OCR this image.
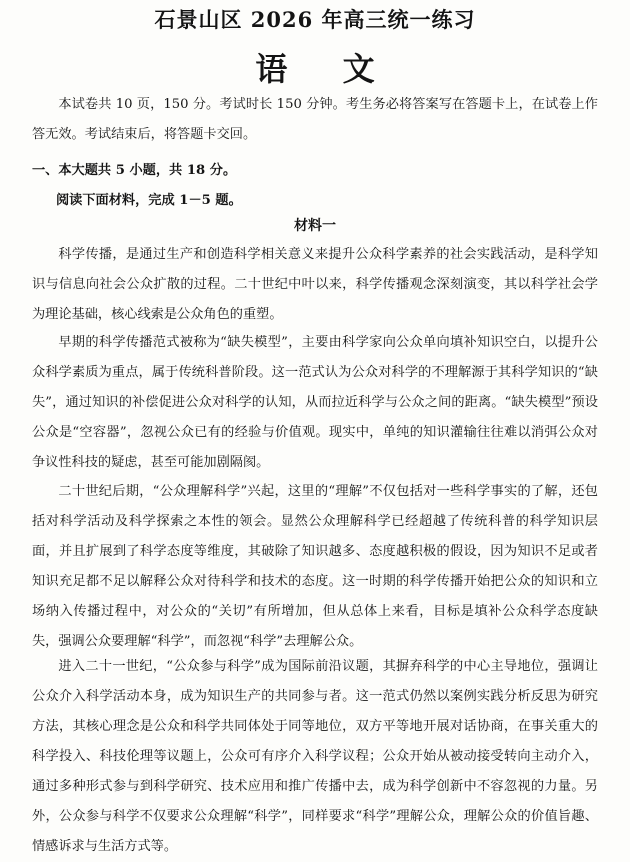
石景山区 2026 年高三统一练习
语 文

本试卷共 10 页，150 分。考试时长 150 分钟。考生务必将答案写在答题卡上，在试卷上作答无效。考试结束后，将答题卡交回。

一、本大题共 5 小题，共 18 分。

阅读下面材料，完成 1－5 题。

材料一

科学传播，是通过生产和创造科学相关意义来提升公众科学素养的社会实践活动，是科学知识与信息向社会公众扩散的过程。二十世纪中叶以来，科学传播观念深刻演变，其以科学社会学为理论基础，核心线索是公众角色的重塑。

早期的科学传播范式被称为“缺失模型”，主要由科学家向公众单向填补知识空白，以提升公众科学素质为重点，属于传统科普阶段。这一范式认为公众对科学的不理解源于其科学知识的“缺失”，通过知识的补偿促进公众对科学的认知，从而拉近科学与公众之间的距离。“缺失模型”预设公众是“空容器”，忽视公众已有的经验与价值观。现实中，单纯的知识灌输往往难以消弭公众对争议性科技的疑虑，甚至可能加剧隔阂。

二十世纪后期，“公众理解科学”兴起，这里的“理解”不仅包括对一些科学事实的了解，还包括对科学活动及科学探索之本性的领会。显然公众理解科学已经超越了传统科普的科学知识层面，并且扩展到了科学态度等维度，其破除了知识越多、态度越积极的假设，因为知识不足或者知识充足都不足以解释公众对待科学和技术的态度。这一时期的科学传播开始把公众的知识和立场纳入传播过程中，对公众的“关切”有所增加，但从总体上来看，目标是填补公众科学态度缺失，强调公众要理解“科学”，而忽视“科学”去理解公众。

进入二十一世纪，“公众参与科学”成为国际前沿议题，其摒弃科学的中心主导地位，强调让公众介入科学活动本身，成为知识生产的共同参与者。这一范式仍然以案例实践分析反思为研究方法，其核心理念是公众和科学共同体处于同等地位，双方平等地开展对话协商，在事关重大的科学投入、科技伦理等议题上，公众可有序介入科学议程；公众开始从被动接受转向主动介入，通过多种形式参与到科学研究、技术应用和推广传播中去，成为科学创新中不容忽视的力量。另外，公众参与科学不仅要求公众理解“科学”，同样要求“科学”理解公众，理解公众的价值旨趣、情感诉求与生活方式等。
